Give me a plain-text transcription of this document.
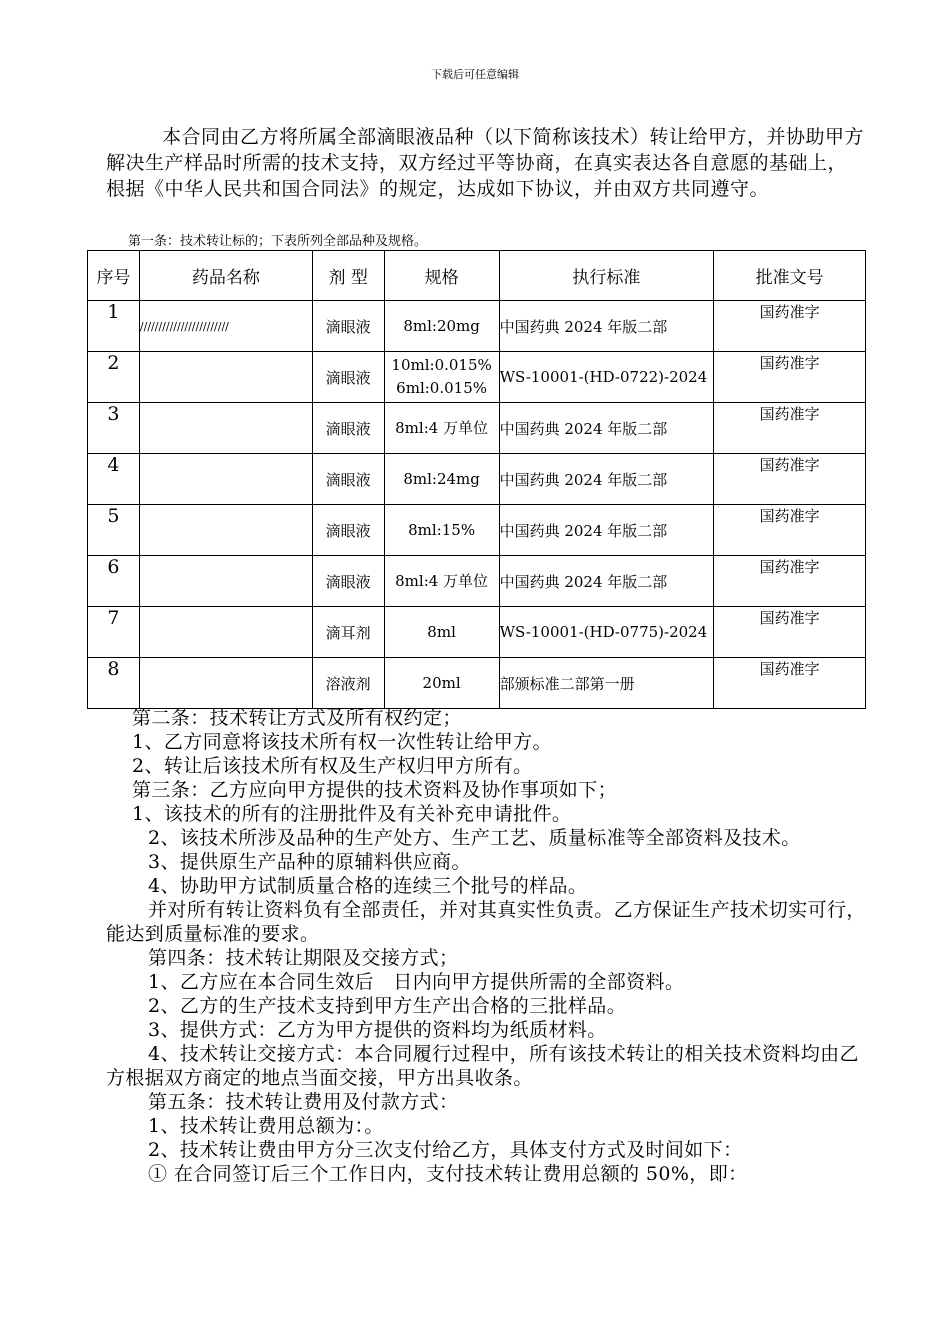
下载后可任意编辑

本合同由乙方将所属全部滴眼液品种（以下简称该技术）转让给甲方，并协助甲方解决生产样品时所需的技术支持，双方经过平等协商，在真实表达各自意愿的基础上，根据《中华人民共和国合同法》的规定，达成如下协议，并由双方共同遵守。

第一条：技术转让标的；下表所列全部品种及规格。
序号	药品名称	剂 型	规格	执行标准	批准文号
1	////////////////////////	滴眼液	8ml:20mg	中国药典 2024 年版二部	国药准字
2		滴眼液	10ml:0.015%
6ml:0.015%	WS-10001-(HD-0722)-2024	国药准字
3		滴眼液	8ml:4 万单位	中国药典 2024 年版二部	国药准字
4		滴眼液	8ml:24mg	中国药典 2024 年版二部	国药准字
5		滴眼液	8ml:15%	中国药典 2024 年版二部	国药准字
6		滴眼液	8ml:4 万单位	中国药典 2024 年版二部	国药准字
7		滴耳剂	8ml	WS-10001-(HD-0775)-2024	国药准字
8		溶液剂	20ml	部颁标准二部第一册	国药准字

第二条：技术转让方式及所有权约定；

1、乙方同意将该技术所有权一次性转让给甲方。

2、转让后该技术所有权及生产权归甲方所有。

第三条：乙方应向甲方提供的技术资料及协作事项如下；

1、该技术的所有的注册批件及有关补充申请批件。

2、该技术所涉及品种的生产处方、生产工艺、质量标准等全部资料及技术。

3、提供原生产品种的原辅料供应商。

4、协助甲方试制质量合格的连续三个批号的样品。

并对所有转让资料负有全部责任，并对其真实性负责。乙方保证生产技术切实可行，能达到质量标准的要求。

第四条：技术转让期限及交接方式；

1、乙方应在本合同生效后　日内向甲方提供所需的全部资料。

2、乙方的生产技术支持到甲方生产出合格的三批样品。

3、提供方式：乙方为甲方提供的资料均为纸质材料。

4、技术转让交接方式：本合同履行过程中，所有该技术转让的相关技术资料均由乙方根据双方商定的地点当面交接，甲方出具收条。

第五条：技术转让费用及付款方式：

1、技术转让费用总额为：。

2、技术转让费由甲方分三次支付给乙方，具体支付方式及时间如下：

① 在合同签订后三个工作日内，支付技术转让费用总额的 50%，即：
